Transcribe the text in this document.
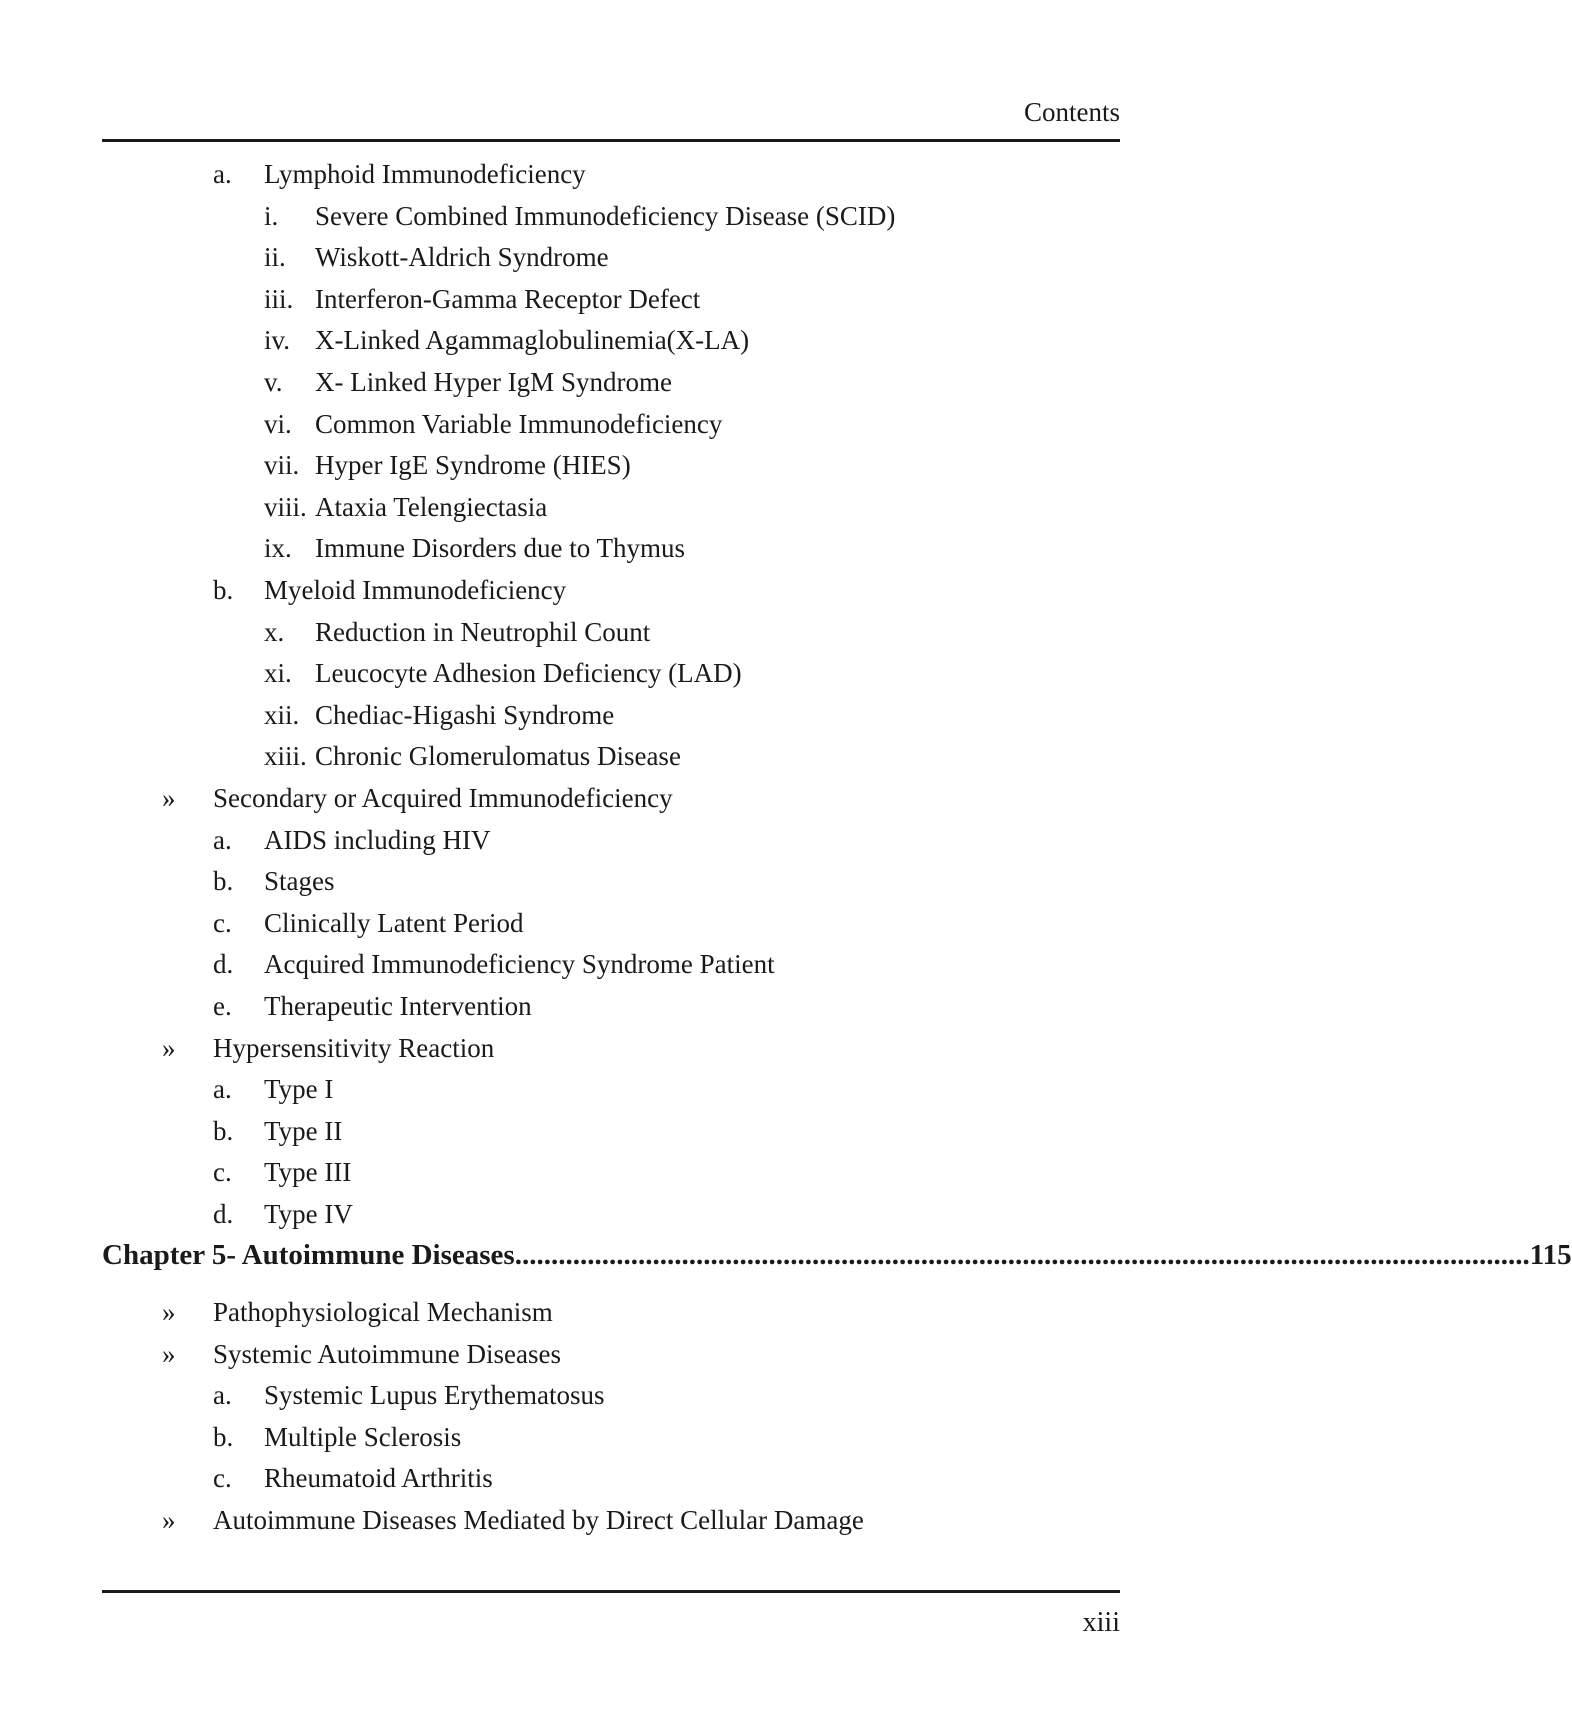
Contents
Chapter 5- Autoimmune Diseases ............................................................................................................................................ 115
a. Lymphoid Immunodeficiency
i. Severe Combined Immunodeficiency Disease (SCID)
ii. Wiskott-Aldrich Syndrome
iii. Interferon-Gamma Receptor Defect
iv. X-Linked Agammaglobulinemia(X-LA)
v. X- Linked Hyper IgM Syndrome
vi. Common Variable Immunodeficiency
vii. Hyper IgE Syndrome (HIES)
viii. Ataxia Telengiectasia
ix. Immune Disorders due to Thymus
b. Myeloid Immunodeficiency
x. Reduction in Neutrophil Count
xi. Leucocyte Adhesion Deficiency (LAD)
xii. Chediac-Higashi Syndrome
xiii. Chronic Glomerulomatus Disease
» Secondary or Acquired Immunodeficiency
a. AIDS including HIV
b. Stages
c. Clinically Latent Period
d. Acquired Immunodeficiency Syndrome Patient
e. Therapeutic Intervention
» Hypersensitivity Reaction
a. Type I
b. Type II
c. Type III
d. Type IV
» Pathophysiological Mechanism
» Systemic Autoimmune Diseases
a. Systemic Lupus Erythematosus
b. Multiple Sclerosis
c. Rheumatoid Arthritis
» Autoimmune Diseases Mediated by Direct Cellular Damage
xiii
